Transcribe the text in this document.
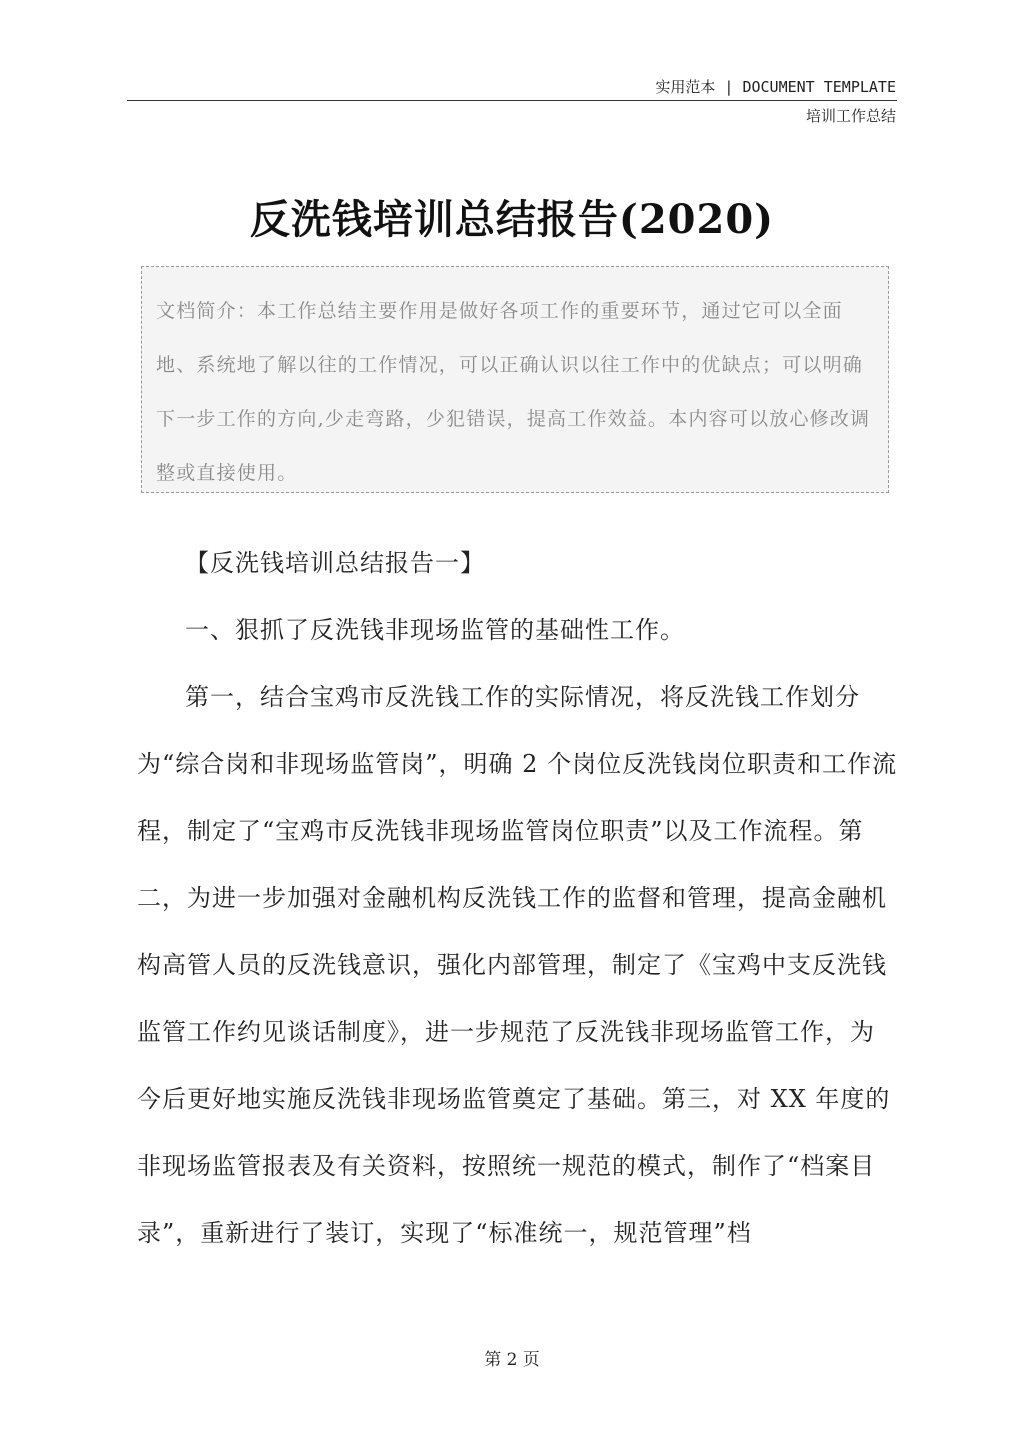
实用范本 | DOCUMENT TEMPLATE
培训工作总结
反洗钱培训总结报告(2020)

文档简介：本工作总结主要作用是做好各项工作的重要环节，通过它可以全面地、系统地了解以往的工作情况，可以正确认识以往工作中的优缺点；可以明确下一步工作的方向,少走弯路，少犯错误，提高工作效益。本内容可以放心修改调整或直接使用。

【反洗钱培训总结报告一】

一、狠抓了反洗钱非现场监管的基础性工作。

第一，结合宝鸡市反洗钱工作的实际情况，将反洗钱工作划分为“综合岗和非现场监管岗”，明确 2 个岗位反洗钱岗位职责和工作流程，制定了“宝鸡市反洗钱非现场监管岗位职责”以及工作流程。第二，为进一步加强对金融机构反洗钱工作的监督和管理，提高金融机构高管人员的反洗钱意识，强化内部管理，制定了《宝鸡中支反洗钱监管工作约见谈话制度》，进一步规范了反洗钱非现场监管工作，为今后更好地实施反洗钱非现场监管奠定了基础。第三，对 XX 年度的非现场监管报表及有关资料，按照统一规范的模式，制作了“档案目录”，重新进行了装订，实现了“标准统一，规范管理”档

第 2 页
